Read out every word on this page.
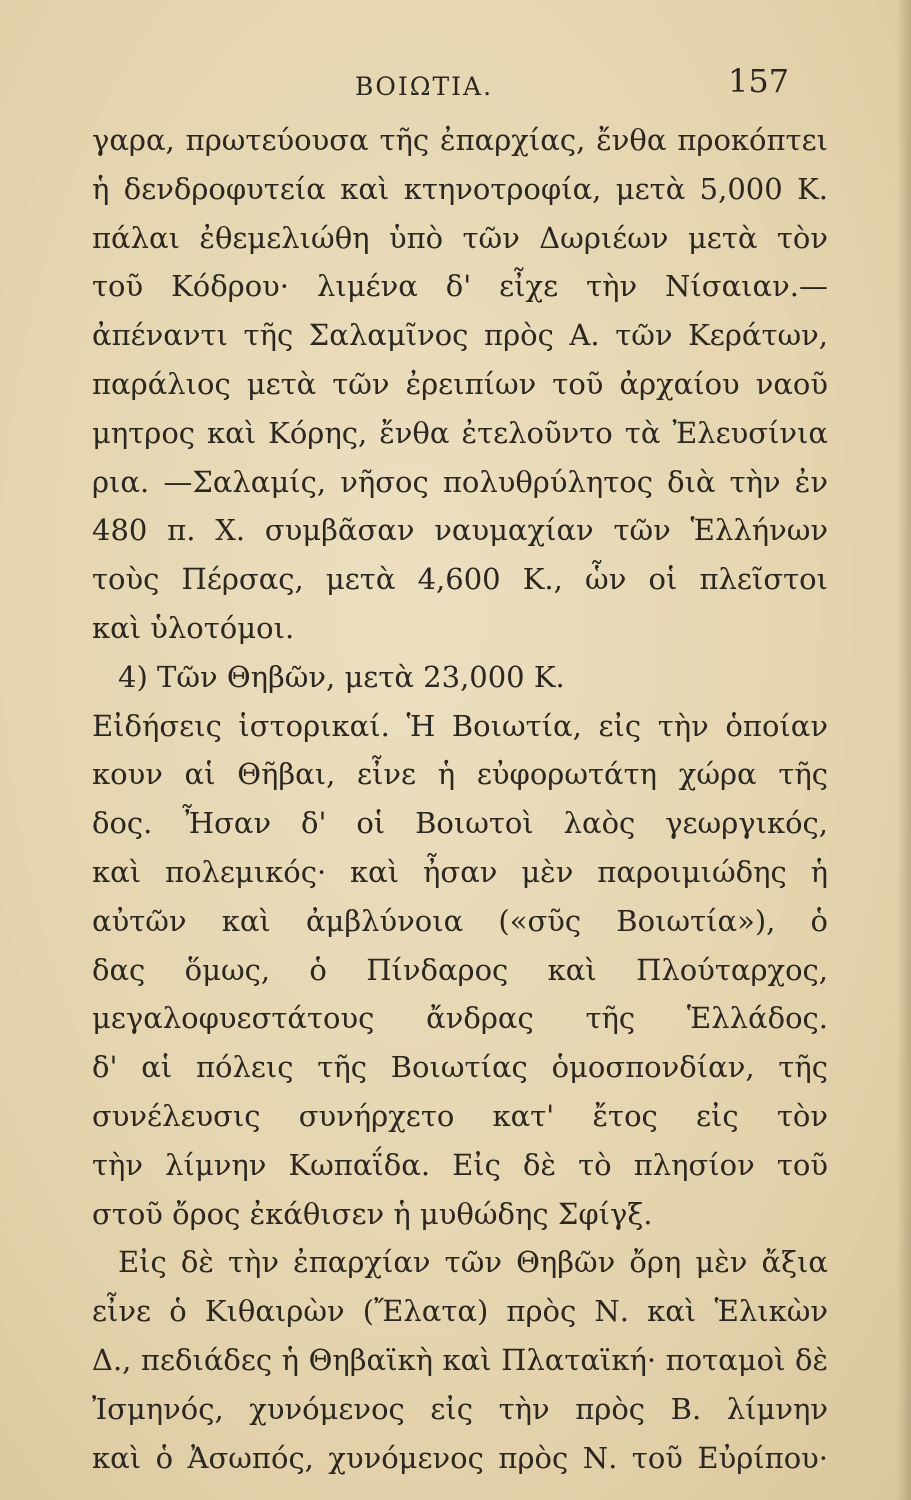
ΒΟΙΩΤΙΑ.	157
γαρα, πρωτεύουσα τῆς ἐπαρχίας, ἔνθα προκόπτει
ἡ δενδροφυτεία καὶ κτηνοτροφία, μετὰ 5,000 Κ.
πάλαι ἐθεμελιώθη ὑπὸ τῶν Δωριέων μετὰ τὸν
τοῦ Κόδρου· λιμένα δ' εἶχε τὴν Νίσαιαν.—
ἀπέναντι τῆς Σαλαμῖνος πρὸς Α. τῶν Κεράτων,
παράλιος μετὰ τῶν ἐρειπίων τοῦ ἀρχαίου ναοῦ
μητρος καὶ Κόρης, ἔνθα ἐτελοῦντο τὰ Ἐλευσίνια
ρια. —Σαλαμίς, νῆσος πολυθρύλητος διὰ τὴν ἐν
480 π. Χ. συμβᾶσαν ναυμαχίαν τῶν Ἑλλήνων
τοὺς Πέρσας, μετὰ 4,600 Κ., ὧν οἱ πλεῖστοι
καὶ ὑλοτόμοι.
4) Τῶν Θηβῶν, μετὰ 23,000 Κ.
Εἰδήσεις ἱστορικαί. Ἡ Βοιωτία, εἰς τὴν ὁποίαν
κουν αἱ Θῆβαι, εἶνε ἡ εὐφορωτάτη χώρα τῆς
δος. Ἦσαν δ' οἱ Βοιωτοὶ λαὸς γεωργικός,
καὶ πολεμικός· καὶ ἦσαν μὲν παροιμιώδης ἡ
αὐτῶν καὶ ἀμβλύνοια («σῦς Βοιωτία»), ὁ
δας ὅμως, ὁ Πίνδαρος καὶ Πλούταρχος,
μεγαλοφυεστάτους ἄνδρας τῆς Ἑλλάδος.
δ' αἱ πόλεις τῆς Βοιωτίας ὁμοσπονδίαν, τῆς
συνέλευσις συνήρχετο κατ' ἔτος εἰς τὸν
τὴν λίμνην Κωπαΐδα. Εἰς δὲ τὸ πλησίον τοῦ
στοῦ ὄρος ἐκάθισεν ἡ μυθώδης Σφίγξ.
Εἰς δὲ τὴν ἐπαρχίαν τῶν Θηβῶν ὄρη μὲν ἄξια
εἶνε ὁ Κιθαιρὼν (Ἔλατα) πρὸς Ν. καὶ Ἑλικὼν
Δ., πεδιάδες ἡ Θηβαϊκὴ καὶ Πλαταϊκή· ποταμοὶ δὲ
Ἰσμηνός, χυνόμενος εἰς τὴν πρὸς Β. λίμνην
καὶ ὁ Ἀσωπός, χυνόμενος πρὸς Ν. τοῦ Εὐρίπου·
